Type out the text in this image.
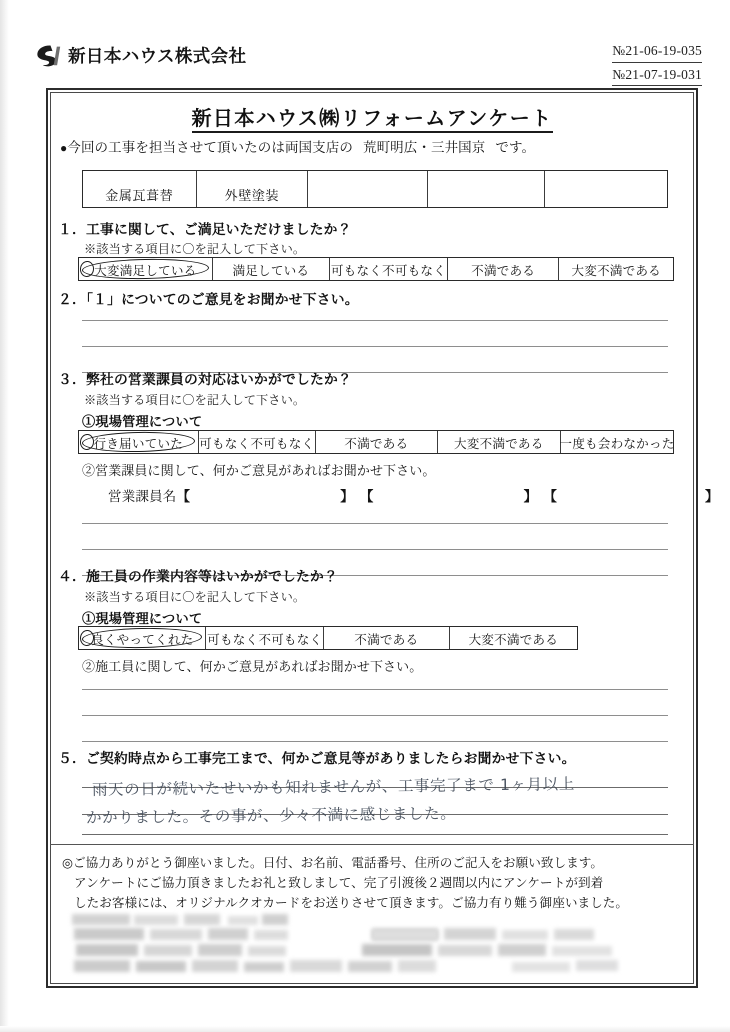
新日本ハウス株式会社	№21-06-19-035
№21-07-19-031
新日本ハウス㈱リフォームアンケート
●今回の工事を担当させて頂いたのは両国支店の 荒町明広・三井国京 です。
金属瓦葺替	外壁塗装
１．工事に関して、ご満足いただけましたか？
※該当する項目に〇を記入して下さい。
大変満足している	満足している	可もなく不可もなく	不満である	大変不満である
２．「１」についてのご意見をお聞かせ下さい。
３．弊社の営業課員の対応はいかがでしたか？
※該当する項目に〇を記入して下さい。
①現場管理について
行き届いていた	可もなく不可もなく	不満である	大変不満である	一度も会わなかった
②営業課員に関して、何かご意見があればお聞かせ下さい。
営業課員名【	】 【	】 【	】
４．施工員の作業内容等はいかがでしたか？
※該当する項目に〇を記入して下さい。
①現場管理について
良くやってくれた	可もなく不可もなく	不満である	大変不満である
②施工員に関して、何かご意見があればお聞かせ下さい。
５．ご契約時点から工事完工まで、何かご意見等がありましたらお聞かせ下さい。
雨天の日が続いたせいかも知れませんが、工事完了まで 1ヶ月以上
かかりました。その事が、少々不満に感じました。
◎ご協力ありがとう御座いました。日付、お名前、電話番号、住所のご記入をお願い致します。
アンケートにご協力頂きましたお礼と致しまして、完了引渡後２週間以内にアンケートが到着
したお客様には、オリジナルクオカードをお送りさせて頂きます。ご協力有り難う御座いました。
